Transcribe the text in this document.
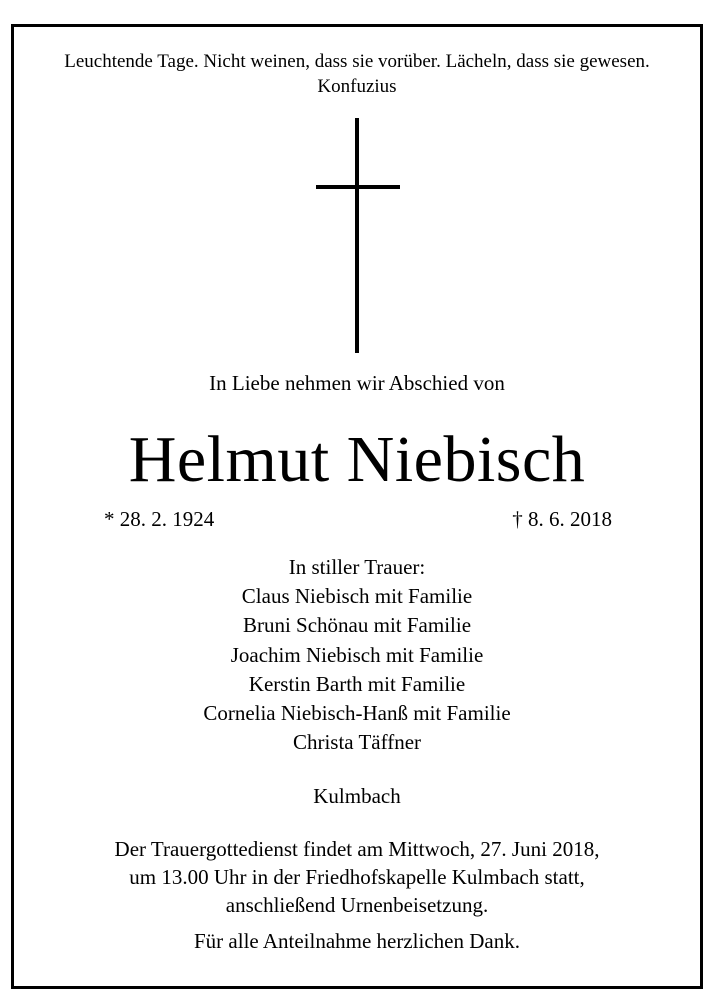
Leuchtende Tage. Nicht weinen, dass sie vorüber. Lächeln, dass sie gewesen.
Konfuzius
In Liebe nehmen wir Abschied von
Helmut Niebisch
* 28. 2. 1924	† 8. 6. 2018
In stiller Trauer:
Claus Niebisch mit Familie
Bruni Schönau mit Familie
Joachim Niebisch mit Familie
Kerstin Barth mit Familie
Cornelia Niebisch-Hanß mit Familie
Christa Täffner
Kulmbach
Der Trauergottedienst findet am Mittwoch, 27. Juni 2018,
um 13.00 Uhr in der Friedhofskapelle Kulmbach statt,
anschließend Urnenbeisetzung.
Für alle Anteilnahme herzlichen Dank.
